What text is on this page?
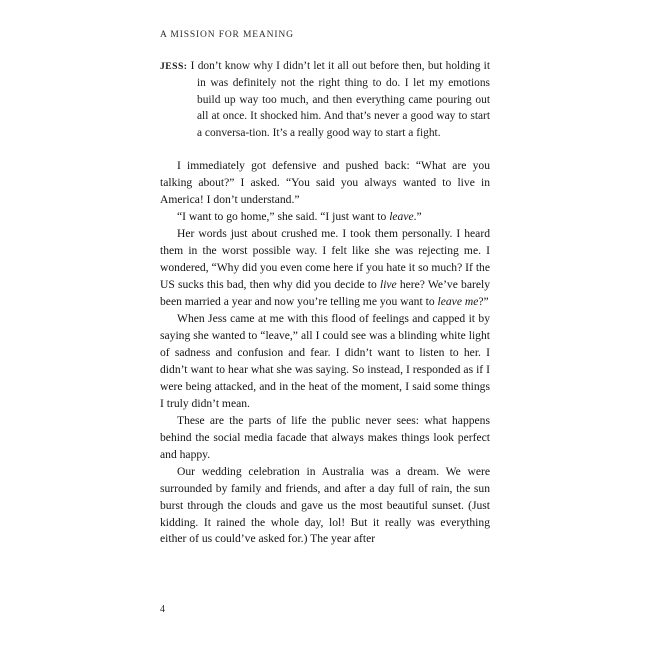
A MISSION FOR MEANING

JESS: I don’t know why I didn’t let it all out before then, but holding it in was definitely not the right thing to do. I let my emotions build up way too much, and then everything came pouring out all at once. It shocked him. And that’s never a good way to start a conversa-tion. It’s a really good way to start a fight.

I immediately got defensive and pushed back: “What are you talking about?” I asked. “You said you always wanted to live in America! I don’t understand.”

“I want to go home,” she said. “I just want to leave.”

Her words just about crushed me. I took them personally. I heard them in the worst possible way. I felt like she was rejecting me. I wondered, “Why did you even come here if you hate it so much? If the US sucks this bad, then why did you decide to live here? We’ve barely been married a year and now you’re telling me you want to leave me?”

When Jess came at me with this flood of feelings and capped it by saying she wanted to “leave,” all I could see was a blinding white light of sadness and confusion and fear. I didn’t want to listen to her. I didn’t want to hear what she was saying. So instead, I responded as if I were being attacked, and in the heat of the moment, I said some things I truly didn’t mean.

These are the parts of life the public never sees: what happens behind the social media facade that always makes things look perfect and happy.

Our wedding celebration in Australia was a dream. We were surrounded by family and friends, and after a day full of rain, the sun burst through the clouds and gave us the most beautiful sunset. (Just kidding. It rained the whole day, lol! But it really was everything either of us could’ve asked for.) The year after

4
